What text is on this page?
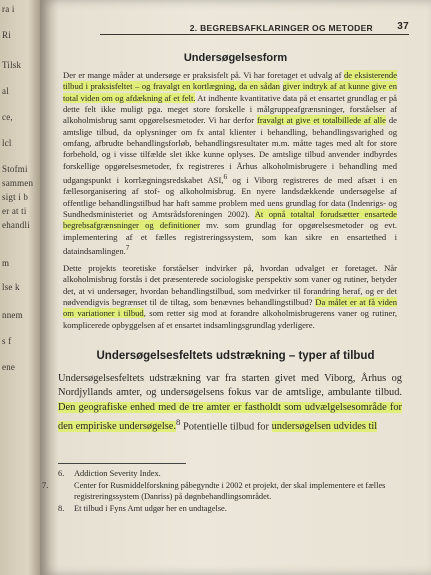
ra i
Ri
Tilsk
al
ce,
lcl
Stofmi
sammen
sigt i b
er at ti
ehandli
m
lse k
nnem
s f
ene
2. BEGREBSAFKLARINGER OG METODER 37
Undersøgelsesform

Der er mange måder at undersøge er praksisfelt på. Vi har foretaget et udvalg af de eksisterende tilbud i praksisfeltet – og fravalgt en kortlægning, da en sådan giver indtryk af at kunne give en total viden om og afdækning af et felt. At indhente kvantitative data på et ensartet grundlag er på dette felt ikke muligt pga. meget store forskelle i målgruppeafgrænsninger, forståelser af alkoholmisbrug samt opgørelsesmetoder. Vi har derfor fravalgt at give et totalbillede af alle de amtslige tilbud, da oplysninger om fx antal klienter i behandling, behandlingsvarighed og omfang, afbrudte behandlingsforløb, behandlingsresultater m.m. måtte tages med alt for store forbehold, og i visse tilfælde slet ikke kunne oplyses. De amtslige tilbud anvender indbyrdes forskellige opgørelsesmetoder, fx registreres i Århus alkoholmisbrugere i behandling med udgangspunkt i korrlægningsredskabet ASI,$^6$ og i Viborg registreres de med afsæt i en fællesorganisering af stof- og alkoholmisbrug. En nyere landsdækkende undersøgelse af offentlige behandlingstilbud har haft samme problem med uens grundlag for data (Indenrigs- og Sundhedsministeriet og Amtsrådsforeningen 2002). At opnå totaltal forudsætter ensartede begrebsafgrænsninger og definitioner mv. som grundlag for opgørelsesmetoder og evt. implementering af et fælles registreringssystem, som kan sikre en ensartethed i dataindsamlingen.$^7$

Dette projekts teoretiske forståelser indvirker på, hvordan udvalget er foretaget. Når alkoholmisbrug forstås i det præsenterede sociologiske perspektiv som vaner og rutiner, betyder det, at vi undersøger, hvordan behandlingstilbud, som medvirker til forandring heraf, og er det nødvendigvis begrænset til de tiltag, som benævnes behandlingstilbud? Da målet er at få viden om variationer i tilbud, som retter sig mod at forandre alkoholmisbrugerens vaner og rutiner, komplicerede opbyggelsen af et ensartet indsamlingsgrundlag yderligere.

Undersøgelsesfeltets udstrækning – typer af tilbud

Undersøgelsesfeltets udstrækning var fra starten givet med Viborg, Århus og Nordjyllands amter, og undersøgelsens fokus var de amtslige, ambulante tilbud. Den geografiske enhed med de tre amter er fastholdt som udvælgelsesområde for den empiriske undersøgelse.$^8$ Potentielle tilbud for undersøgelsen udvides til

6. Addiction Severity Index.

7.	Center for Rusmiddelforskning påbegyndte i 2002 et projekt, der skal implementere et fælles registreringssystem (Danriss) på døgnbehandlingsområdet.

8. Et tilbud i Fyns Amt udgør her en undtagelse.
